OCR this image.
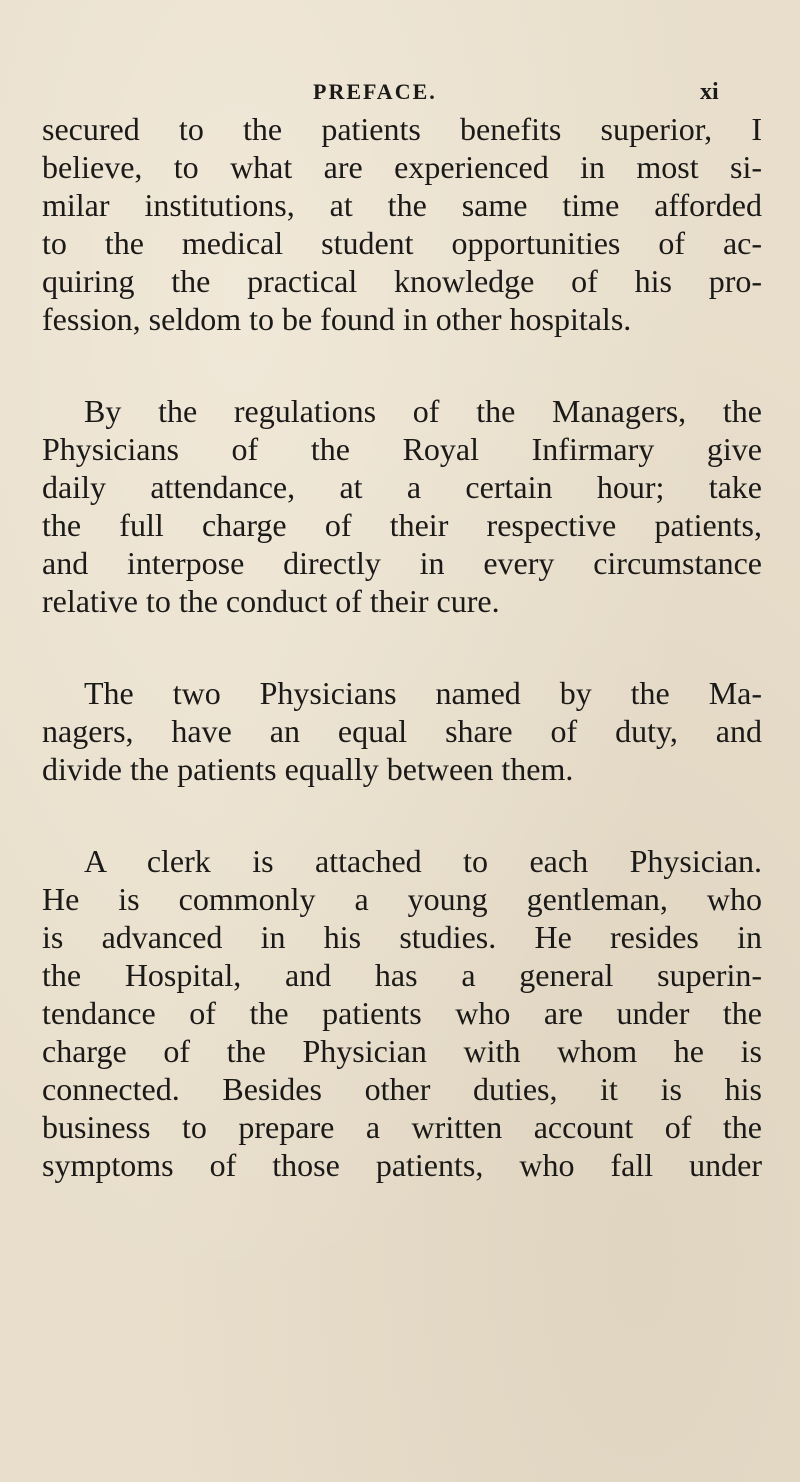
PREFACE.	xi
secured to the patients benefits superior, I
believe, to what are experienced in most si-
milar institutions, at the same time afforded
to the medical student opportunities of ac-
quiring the practical knowledge of his pro-
fession, seldom to be found in other hospitals.
By the regulations of the Managers, the
Physicians of the Royal Infirmary give
daily attendance, at a certain hour; take
the full charge of their respective patients,
and interpose directly in every circumstance
relative to the conduct of their cure.
The two Physicians named by the Ma-
nagers, have an equal share of duty, and
divide the patients equally between them.
A clerk is attached to each Physician.
He is commonly a young gentleman, who
is advanced in his studies. He resides in
the Hospital, and has a general superin-
tendance of the patients who are under the
charge of the Physician with whom he is
connected. Besides other duties, it is his
business to prepare a written account of the
symptoms of those patients, who fall under
